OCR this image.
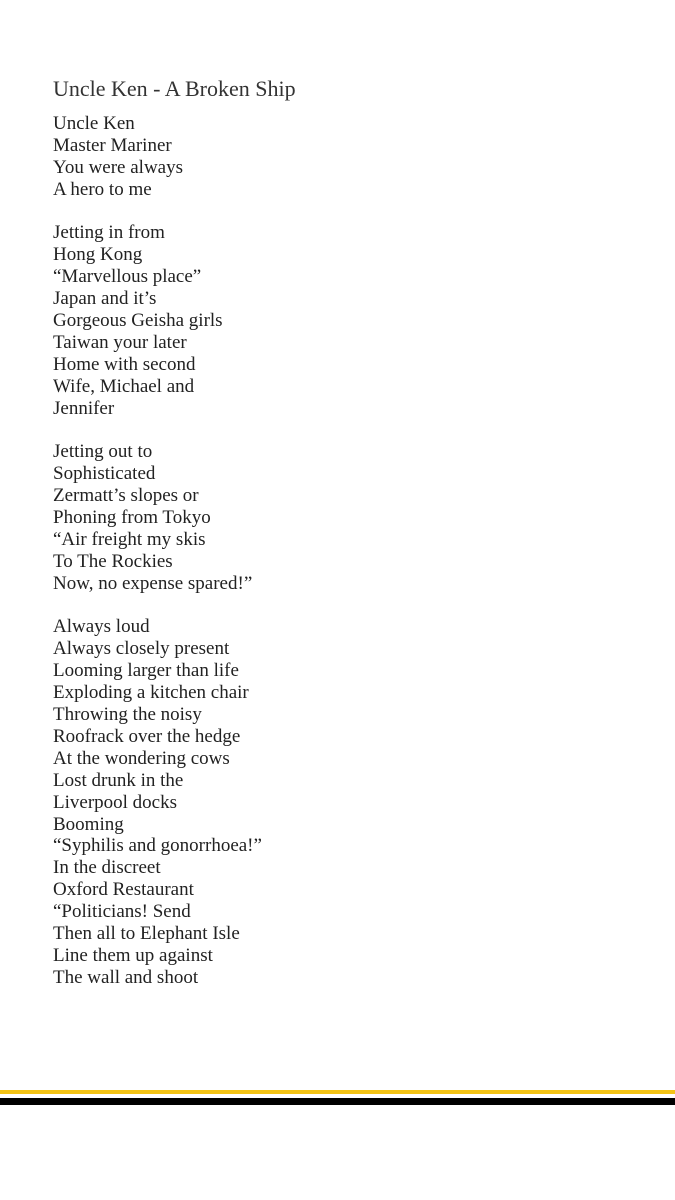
Uncle Ken - A Broken Ship
Uncle Ken
Master Mariner
You were always
A hero to me
Jetting in from
Hong Kong
“Marvellous place”
Japan and it’s
Gorgeous Geisha girls
Taiwan your later
Home with second
Wife, Michael and
Jennifer
Jetting out to
Sophisticated
Zermatt’s slopes or
Phoning from Tokyo
“Air freight my skis
To The Rockies
Now, no expense spared!”
Always loud
Always closely present
Looming larger than life
Exploding a kitchen chair
Throwing the noisy
Roofrack over the hedge
At the wondering cows
Lost drunk in the
Liverpool docks
Booming
“Syphilis and gonorrhoea!”
In the discreet
Oxford Restaurant
“Politicians! Send
Then all to Elephant Isle
Line them up against
The wall and shoot
